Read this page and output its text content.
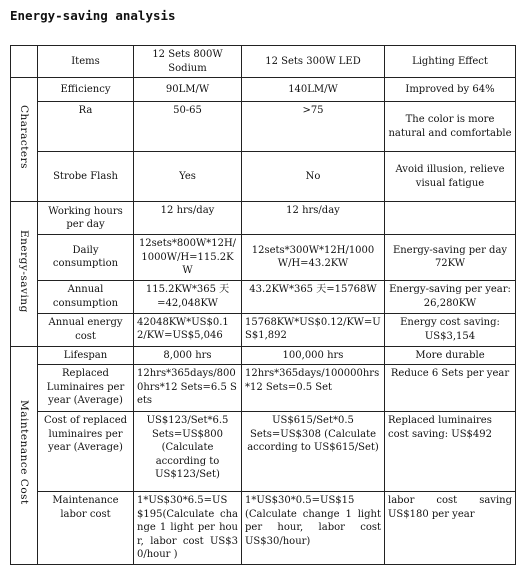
Energy-saving analysis
	Items	12 Sets 800W Sodium	12 Sets 300W LED	Lighting Effect
Characters	Efficiency	90LM/W	140LM/W	Improved by 64%
	Ra	50-65	>75	The color is more natural and comfortable
	Strobe Flash	Yes	No	Avoid illusion, relieve visual fatigue
Energy-saving	Working hours per day	12 hrs/day	12 hrs/day	
	Daily consumption	12sets*800W*12H/1000W/H=115.2KW	12sets*300W*12H/1000W/H=43.2KW	Energy-saving per day 72KW
	Annual consumption	115.2KW*365 天 =42,048KW	43.2KW*365 天=15768W	Energy-saving per year: 26,280KW
	Annual energy cost	42048KW*US$0.12/KW=US$5,046	15768KW*US$0.12/KW=US$1,892	Energy cost saving: US$3,154
Maintenance Cost	Lifespan	8,000 hrs	100,000 hrs	More durable
	Replaced Luminaires per year (Average)	12hrs*365days/8000hrs*12 Sets=6.5 Sets	12hrs*365days/100000hrs*12 Sets=0.5 Set	Reduce 6 Sets per year
	Cost of replaced luminaires per year (Average)	US$123/Set*6.5 Sets=US$800 (Calculate according to US$123/Set)	US$615/Set*0.5 Sets=US$308 (Calculate according to US$615/Set)	Replaced luminaires cost saving: US$492
	Maintenance labor cost	1*US$30*6.5=US$195(Calculate change 1 light per hour, labor cost US$30/hour )	1*US$30*0.5=US$15 (Calculate change 1 light per hour, labor cost US$30/hour)	labor cost saving US$180 per year
